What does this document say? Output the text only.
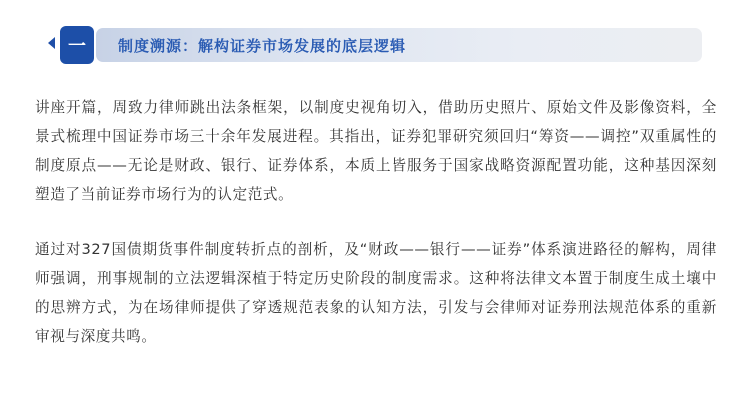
一	制度溯源：解构证券市场发展的底层逻辑

讲座开篇，周致力律师跳出法条框架，以制度史视角切入，借助历史照片、原始文件及影像资料，全景式梳理中国证券市场三十余年发展进程。其指出，证券犯罪研究须回归“筹资——调控”双重属性的制度原点——无论是财政、银行、证券体系，本质上皆服务于国家战略资源配置功能，这种基因深刻塑造了当前证券市场行为的认定范式。

通过对327国债期货事件制度转折点的剖析，及“财政——银行——证券”体系演进路径的解构，周律师强调，刑事规制的立法逻辑深植于特定历史阶段的制度需求。这种将法律文本置于制度生成土壤中的思辨方式，为在场律师提供了穿透规范表象的认知方法，引发与会律师对证券刑法规范体系的重新审视与深度共鸣。
